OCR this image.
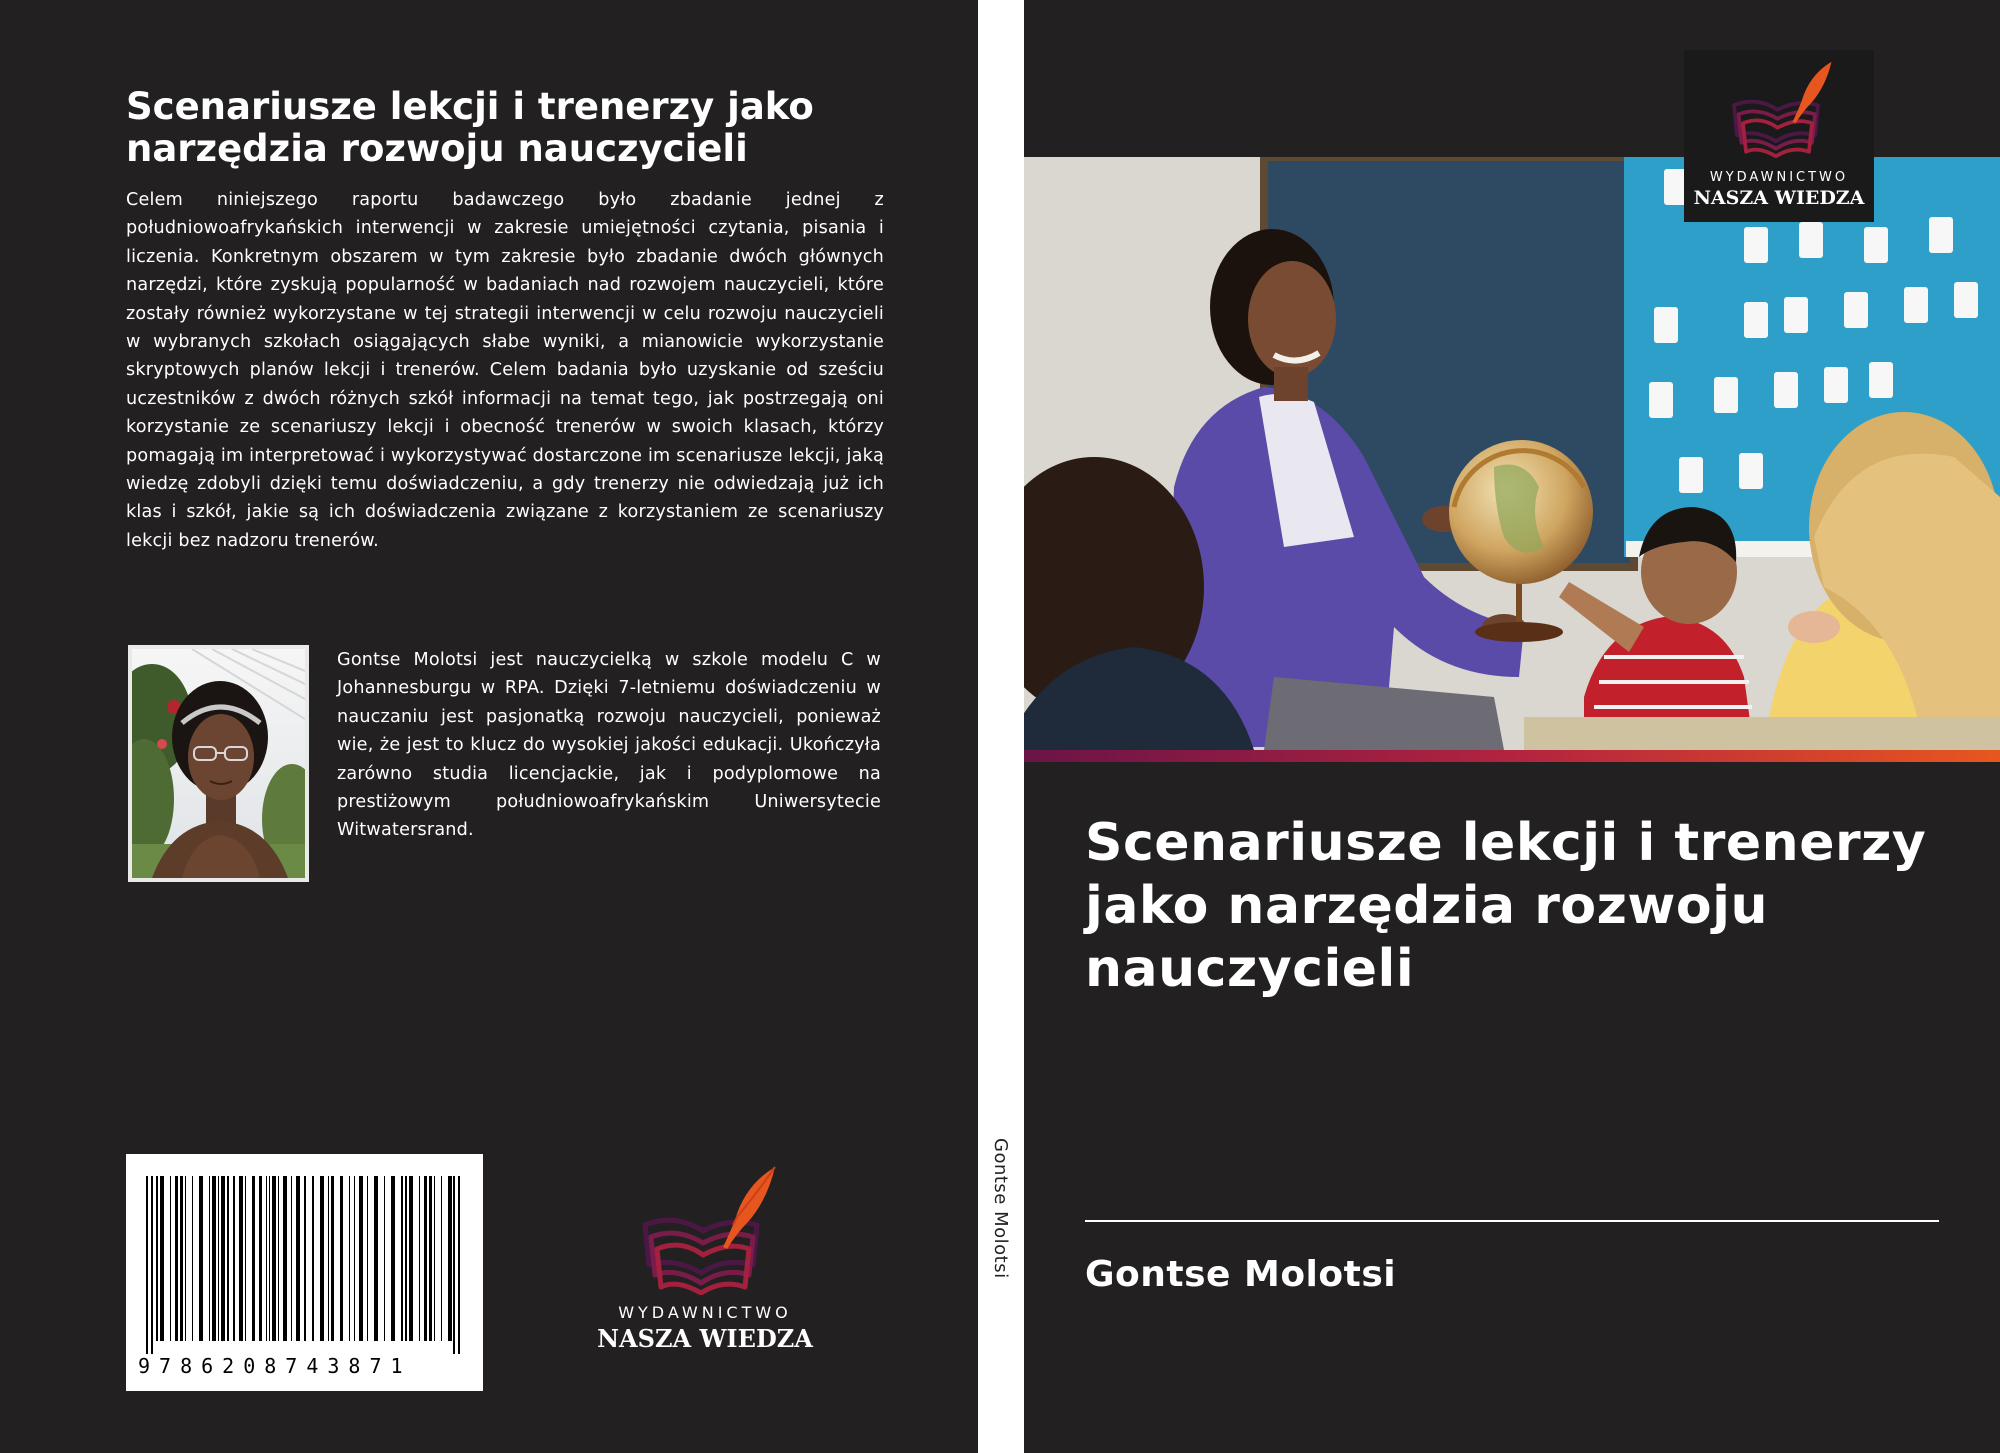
Scenariusze lekcji i trenerzy jako narzędzia rozwoju nauczycieli

Celem niniejszego raportu badawczego było zbadanie jednej z południowoafrykańskich interwencji w zakresie umiejętności czytania, pisania i liczenia. Konkretnym obszarem w tym zakresie było zbadanie dwóch głównych narzędzi, które zyskują popularność w badaniach nad rozwojem nauczycieli, które zostały również wykorzystane w tej strategii interwencji w celu rozwoju nauczycieli w wybranych szkołach osiągających słabe wyniki, a mianowicie wykorzystanie skryptowych planów lekcji i trenerów. Celem badania było uzyskanie od sześciu uczestników z dwóch różnych szkół informacji na temat tego, jak postrzegają oni korzystanie ze scenariuszy lekcji i obecność trenerów w swoich klasach, którzy pomagają im interpretować i wykorzystywać dostarczone im scenariusze lekcji, jaką wiedzę zdobyli dzięki temu doświadczeniu, a gdy trenerzy nie odwiedzają już ich klas i szkół, jakie są ich doświadczenia związane z korzystaniem ze scenariuszy lekcji bez nadzoru trenerów.

Gontse Molotsi jest nauczycielką w szkole modelu C w Johannesburgu w RPA. Dzięki 7-letniemu doświadczeniu w nauczaniu jest pasjonatką rozwoju nauczycieli, ponieważ wie, że jest to klucz do wysokiej jakości edukacji. Ukończyła zarówno studia licencjackie, jak i podyplomowe na prestiżowym południowoafrykańskim Uniwersytecie Witwatersrand.

9786208743871
WYDAWNICTWO
NASZA WIEDZA
Gontse Molotsi
WYDAWNICTWO
NASZA WIEDZA
Scenariusze lekcji i trenerzy jako narzędzia rozwoju nauczycieli
Gontse Molotsi
